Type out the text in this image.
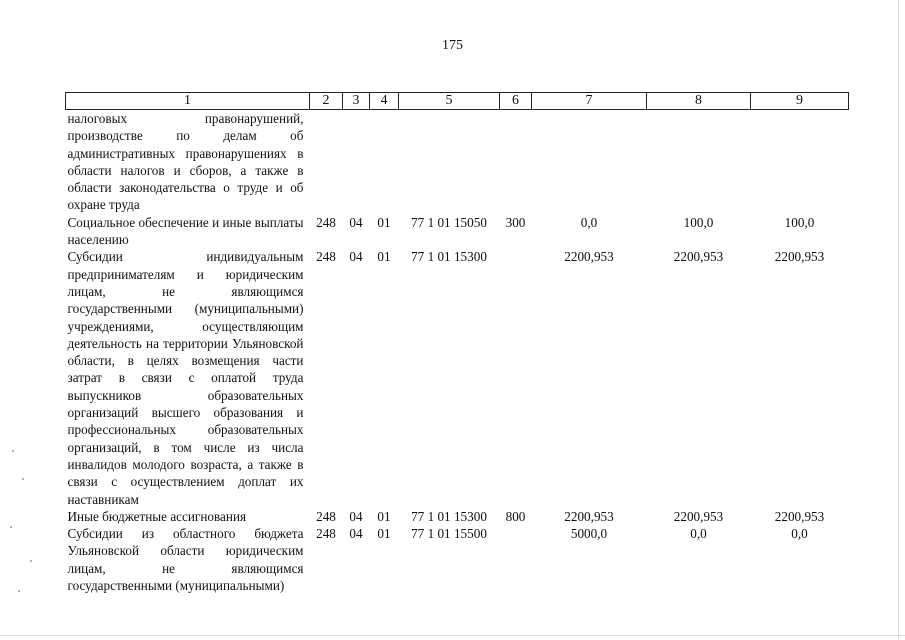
175
1	2	3	4	5	6	7	8	9
налоговых правонарушений, производстве по делам об административных правонарушениях в области налогов и сборов, а также в области законодательства о труде и об охране труда								
Социальное обеспечение и иные выплаты населению	248	04	01	77 1 01 15050	300	0,0	100,0	100,0
Субсидии индивидуальным предпринимателям и юридическим лицам, не являющимся государственными (муниципальными) учреждениями, осуществляющим деятельность на территории Ульяновской области, в целях возмещения части затрат в связи с оплатой труда выпускников образовательных организаций высшего образования и профессиональных образовательных организаций, в том числе из числа инвалидов молодого возраста, а также в связи с осуществлением доплат их наставникам	248	04	01	77 1 01 15300		2200,953	2200,953	2200,953
Иные бюджетные ассигнования	248	04	01	77 1 01 15300	800	2200,953	2200,953	2200,953
Субсидии из областного бюджета Ульяновской области юридическим лицам, не являющимся государственными (муниципальными)	248	04	01	77 1 01 15500		5000,0	0,0	0,0
